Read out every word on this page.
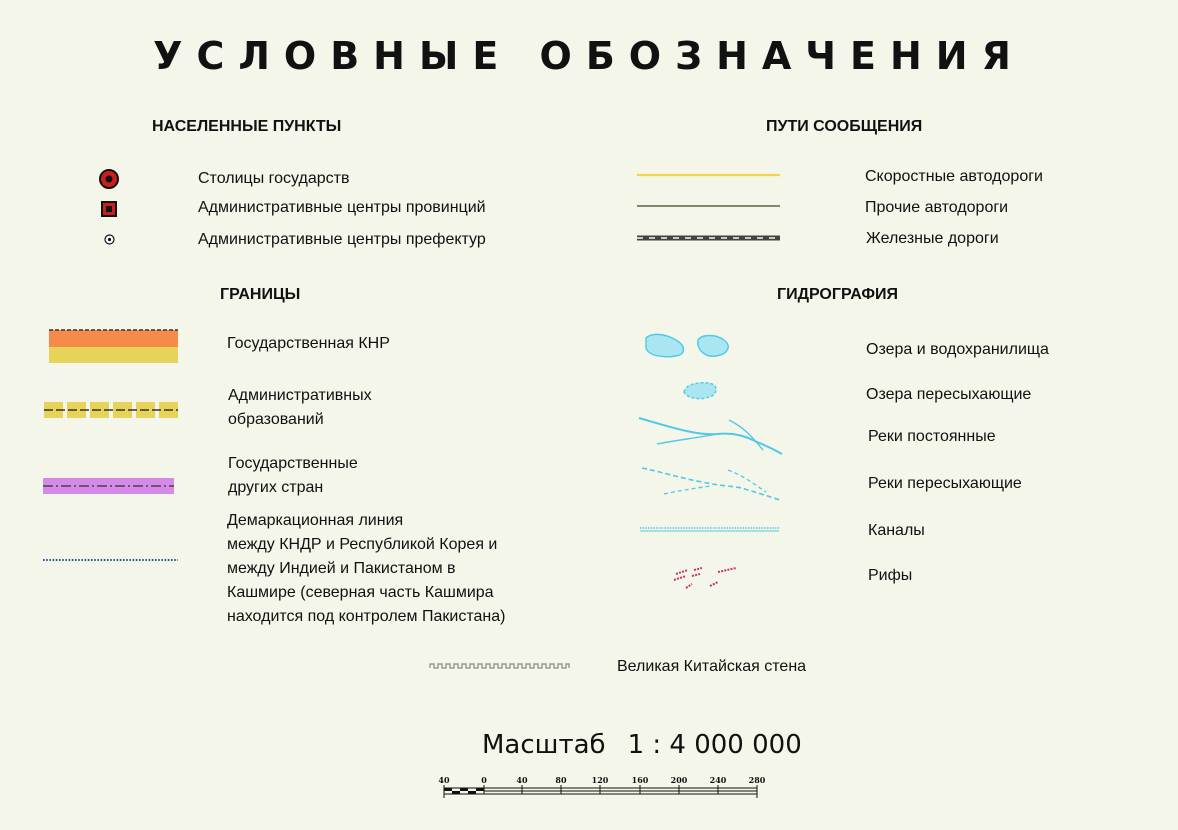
УСЛОВНЫЕ ОБОЗНАЧЕНИЯ
НАСЕЛЕННЫЕ ПУНКТЫ
Столицы государств
Административные центры провинций
Административные центры префектур
ПУТИ СООБЩЕНИЯ
Скоростные автодороги
Прочие автодороги
Железные дороги
ГРАНИЦЫ
Государственная КНР
Административных
образований
Государственные
других стран
Демаркационная линия
между КНДР и Республикой Корея и
между Индией и Пакистаном в
Кашмире (северная часть Кашмира
находится под контролем Пакистана)
ГИДРОГРАФИЯ
Озера и водохранилища
Озера пересыхающие
Реки постоянные
Реки пересыхающие
Каналы
Рифы
Великая Китайская стена
Масштаб 1 : 4 000 000
40	0	40	80	120	160	200	240	280
